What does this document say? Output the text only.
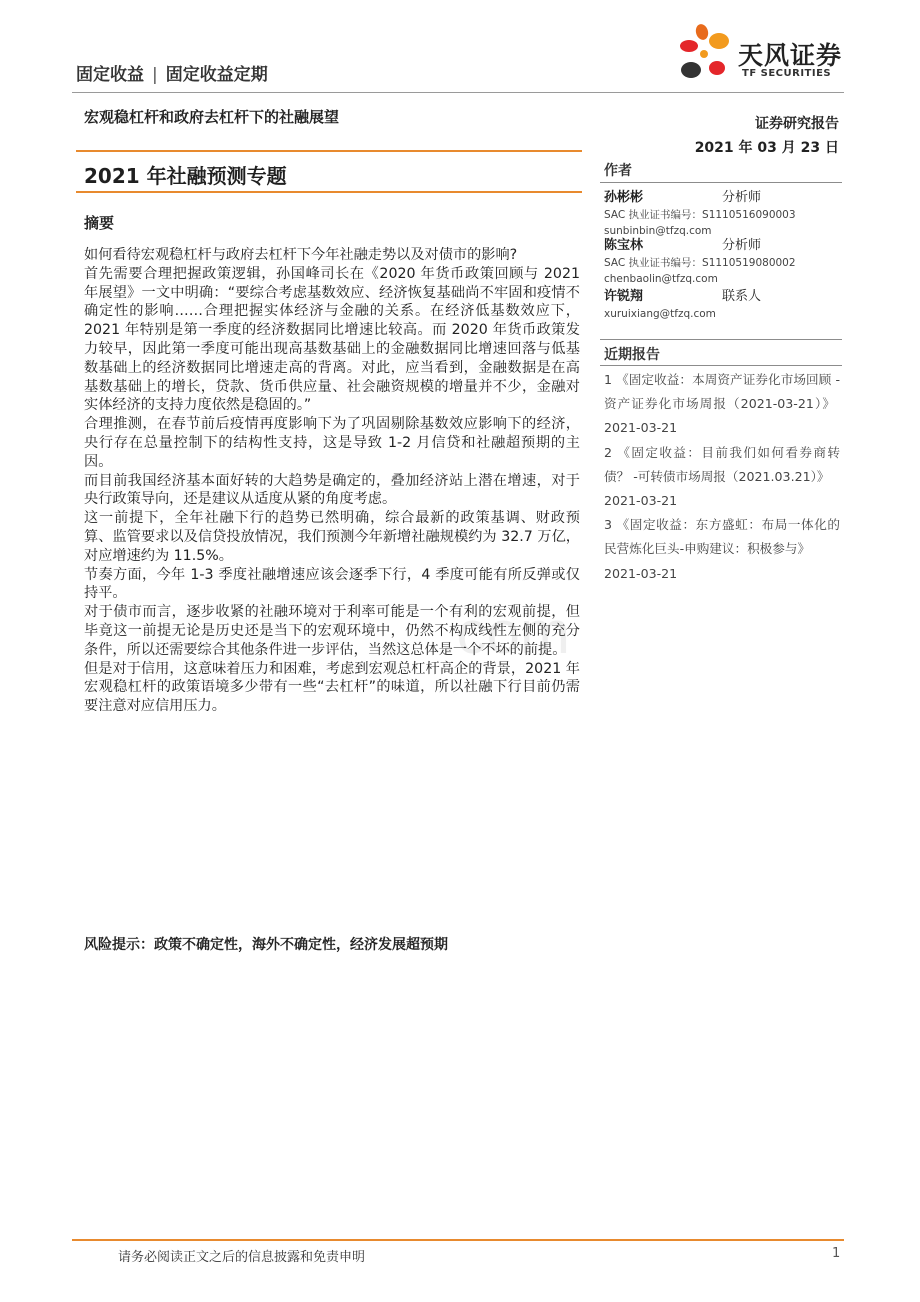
固定收益 | 固定收益定期
天风证券
TF SECURITIES
宏观稳杠杆和政府去杠杆下的社融展望	证券研究报告
2021 年 03 月 23 日
2021 年社融预测专题
摘要

如何看待宏观稳杠杆与政府去杠杆下今年社融走势以及对债市的影响?

首先需要合理把握政策逻辑，孙国峰司长在《2020 年货币政策回顾与 2021 年展望》一文中明确：“要综合考虑基数效应、经济恢复基础尚不牢固和疫情不确定性的影响……合理把握实体经济与金融的关系。在经济低基数效应下，2021 年特别是第一季度的经济数据同比增速比较高。而 2020 年货币政策发力较早，因此第一季度可能出现高基数基础上的金融数据同比增速回落与低基数基础上的经济数据同比增速走高的背离。对此，应当看到，金融数据是在高基数基础上的增长，贷款、货币供应量、社会融资规模的增量并不少，金融对实体经济的支持力度依然是稳固的。”

合理推测，在春节前后疫情再度影响下为了巩固剔除基数效应影响下的经济，央行存在总量控制下的结构性支持，这是导致 1-2 月信贷和社融超预期的主因。

而目前我国经济基本面好转的大趋势是确定的，叠加经济站上潜在增速，对于央行政策导向，还是建议从适度从紧的角度考虑。

这一前提下，全年社融下行的趋势已然明确，综合最新的政策基调、财政预算、监管要求以及信贷投放情况，我们预测今年新增社融规模约为 32.7 万亿，对应增速约为 11.5%。

节奏方面，今年 1-3 季度社融增速应该会逐季下行，4 季度可能有所反弹或仅持平。

对于债市而言，逐步收紧的社融环境对于利率可能是一个有利的宏观前提，但毕竟这一前提无论是历史还是当下的宏观环境中，仍然不构成线性左侧的充分条件，所以还需要综合其他条件进一步评估，当然这总体是一个不坏的前提。

但是对于信用，这意味着压力和困难，考虑到宏观总杠杆高企的背景，2021 年宏观稳杠杆的政策语境多少带有一些“去杠杆”的味道，所以社融下行目前仍需要注意对应信用压力。

.com
风险提示：政策不确定性，海外不确定性，经济发展超预期
作者
孙彬彬	分析师
SAC 执业证书编号：S1110516090003
sunbinbin@tfzq.com
陈宝林	分析师
SAC 执业证书编号：S1110519080002
chenbaolin@tfzq.com
许锐翔	联系人
xuruixiang@tfzq.com
近期报告
1 《固定收益：本周资产证券化市场回顾 - 资产证券化市场周报（2021-03-21）》  2021-03-21
2 《固定收益：目前我们如何看券商转债？ -可转债市场周报（2021.03.21）》
2021-03-21
3 《固定收益：东方盛虹：布局一体化的民营炼化巨头-申购建议：积极参与》
2021-03-21
请务必阅读正文之后的信息披露和免责申明	1
